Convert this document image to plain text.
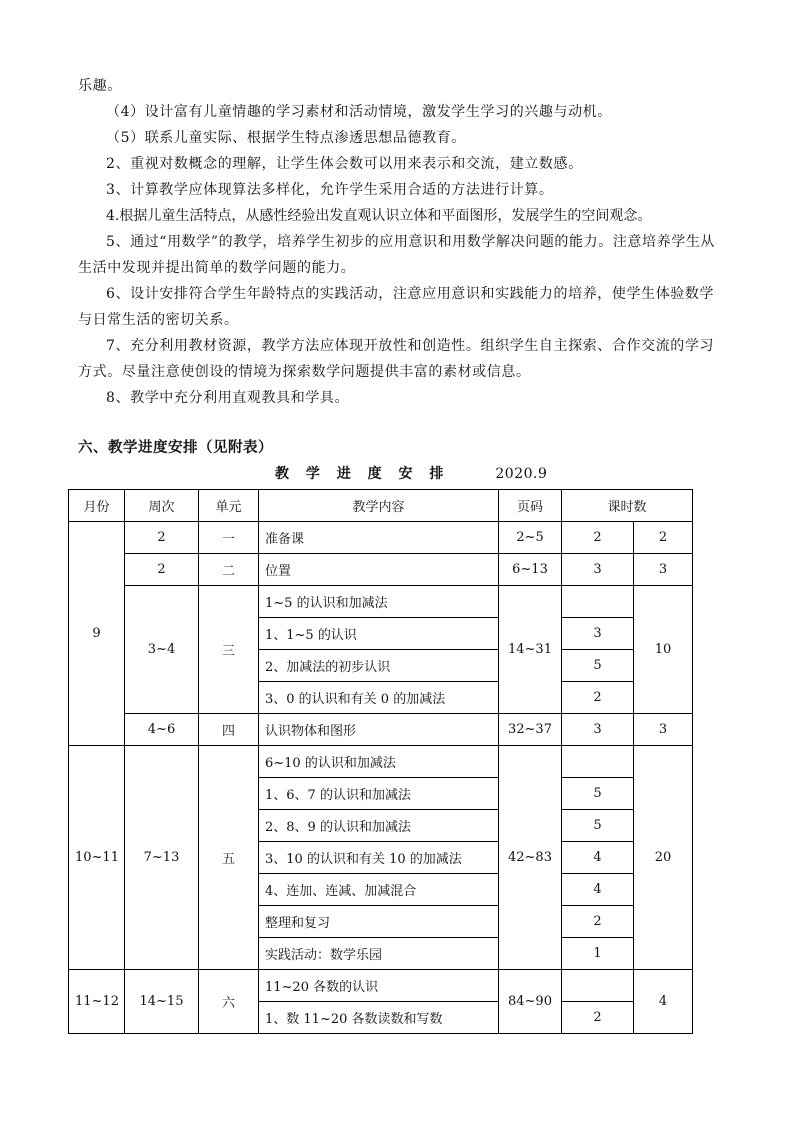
乐趣。

（4）设计富有儿童情趣的学习素材和活动情境，激发学生学习的兴趣与动机。

（5）联系儿童实际、根据学生特点渗透思想品德教育。

2、重视对数概念的理解，让学生体会数可以用来表示和交流，建立数感。

3、计算教学应体现算法多样化，允许学生采用合适的方法进行计算。

4.根据儿童生活特点，从感性经验出发直观认识立体和平面图形，发展学生的空间观念。

5、通过“用数学”的教学，培养学生初步的应用意识和用数学解决问题的能力。注意培养学生从生活中发现并提出简单的数学问题的能力。

6、设计安排符合学生年龄特点的实践活动，注意应用意识和实践能力的培养，使学生体验数学与日常生活的密切关系。

7、充分利用教材资源，教学方法应体现开放性和创造性。组织学生自主探索、合作交流的学习方式。尽量注意使创设的情境为探索数学问题提供丰富的素材或信息。

8、教学中充分利用直观教具和学具。

六、教学进度安排（见附表）

教 学 进 度 安 排	2020.9

月份	周次	单元	教学内容	页码	课时数	
9	2	一	准备课	2~5	2	2
	2	二	位置	6~13	3	3
	3~4	三	1~5 的认识和加减法	14~31		10
			1、1~5 的认识		3	
			2、加减法的初步认识		5	
			3、0 的认识和有关 0 的加减法		2	
	4~6	四	认识物体和图形	32~37	3	3
10~11	7~13	五	6~10 的认识和加减法	42~83		20
			1、6、7 的认识和加减法		5	
			2、8、9 的认识和加减法		5	
			3、10 的认识和有关 10 的加减法		4	
			4、连加、连减、加减混合		4	
			整理和复习		2	
			实践活动：数学乐园		1	
11~12	14~15	六	11~20 各数的认识	84~90		4
			1、数 11~20 各数读数和写数		2	
